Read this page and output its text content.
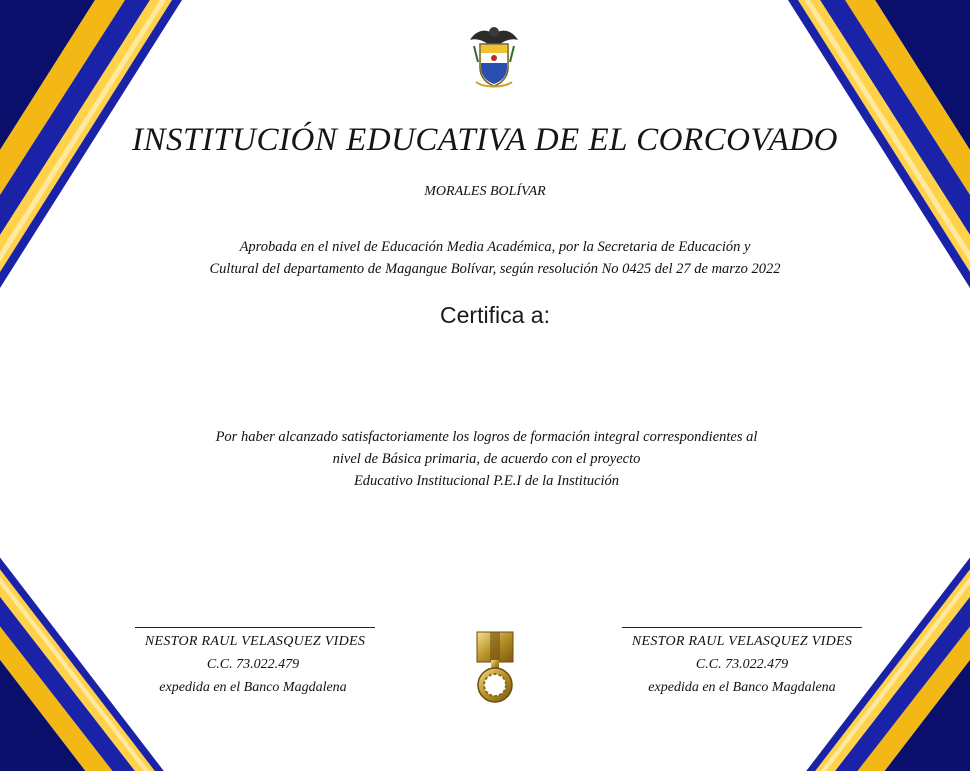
INSTITUCIÓN EDUCATIVA DE EL CORCOVADO
MORALES BOLÍVAR
Aprobada en el nivel de Educación Media Académica, por la Secretaria de Educación y
Cultural del departamento de Magangue Bolívar, según resolución No 0425 del 27 de marzo 2022
Certifica a:
Por haber alcanzado satisfactoriamente los logros de formación integral correspondientes al
nivel de Básica primaria, de acuerdo con el proyecto
Educativo Institucional P.E.I de la Institución
NESTOR RAUL VELASQUEZ VIDES
C.C. 73.022.479
expedida en el Banco Magdalena
NESTOR RAUL VELASQUEZ VIDES
C.C. 73.022.479
expedida en el Banco Magdalena
